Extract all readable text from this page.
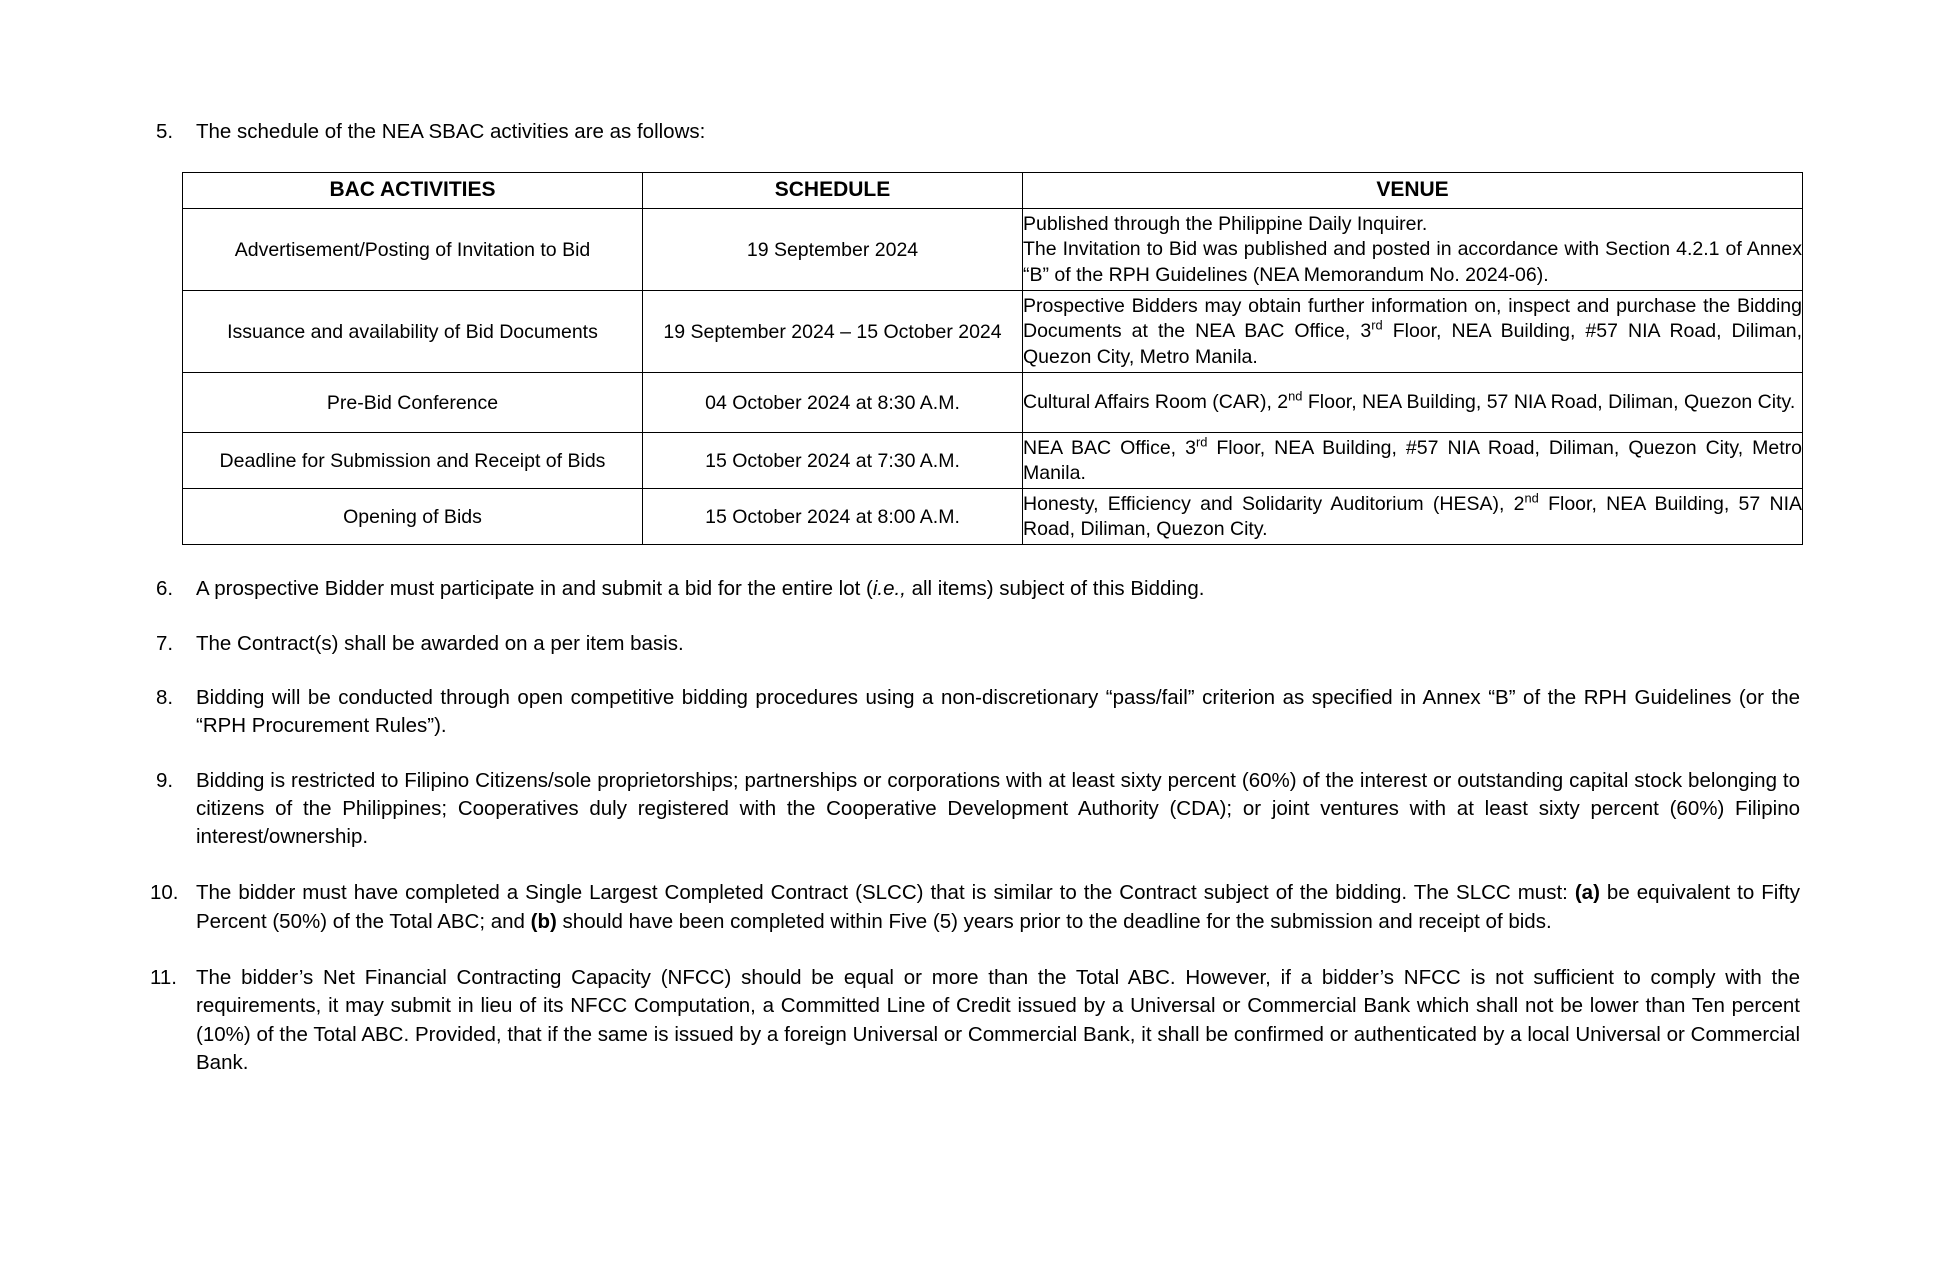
5.	The schedule of the NEA SBAC activities are as follows:
BAC ACTIVITIES	SCHEDULE	VENUE
Advertisement/Posting of Invitation to Bid	19 September 2024	Published through the Philippine Daily Inquirer.
The Invitation to Bid was published and posted in accordance with Section 4.2.1 of Annex “B” of the RPH Guidelines (NEA Memorandum No. 2024-06).

Issuance and availability of Bid Documents	19 September 2024 – 15 October 2024	Prospective Bidders may obtain further information on, inspect and purchase the Bidding Documents at the NEA BAC Office, 3rd Floor, NEA Building, #57 NIA Road, Diliman, Quezon City, Metro Manila.
Pre-Bid Conference	04 October 2024 at 8:30 A.M.	Cultural Affairs Room (CAR), 2nd Floor, NEA Building, 57 NIA Road, Diliman, Quezon City.
Deadline for Submission and Receipt of Bids	15 October 2024 at 7:30 A.M.	NEA BAC Office, 3rd Floor, NEA Building, #57 NIA Road, Diliman, Quezon City, Metro Manila.
Opening of Bids	15 October 2024 at 8:00 A.M.	Honesty, Efficiency and Solidarity Auditorium (HESA), 2nd Floor, NEA Building, 57 NIA Road, Diliman, Quezon City.
6.	A prospective Bidder must participate in and submit a bid for the entire lot (i.e., all items) subject of this Bidding.
7.	The Contract(s) shall be awarded on a per item basis.
8.	Bidding will be conducted through open competitive bidding procedures using a non-discretionary “pass/fail” criterion as specified in Annex “B” of the RPH Guidelines (or the “RPH Procurement Rules”).
9.	Bidding is restricted to Filipino Citizens/sole proprietorships; partnerships or corporations with at least sixty percent (60%) of the interest or outstanding capital stock belonging to citizens of the Philippines; Cooperatives duly registered with the Cooperative Development Authority (CDA); or joint ventures with at least sixty percent (60%) Filipino interest/ownership.
10. The bidder must have completed a Single Largest Completed Contract (SLCC) that is similar to the Contract subject of the bidding. The SLCC must: (a) be equivalent to Fifty Percent (50%) of the Total ABC; and (b) should have been completed within Five (5) years prior to the deadline for the submission and receipt of bids.
11. The bidder’s Net Financial Contracting Capacity (NFCC) should be equal or more than the Total ABC. However, if a bidder’s NFCC is not sufficient to comply with the requirements, it may submit in lieu of its NFCC Computation, a Committed Line of Credit issued by a Universal or Commercial Bank which shall not be lower than Ten percent (10%) of the Total ABC. Provided, that if the same is issued by a foreign Universal or Commercial Bank, it shall be confirmed or authenticated by a local Universal or Commercial Bank.
